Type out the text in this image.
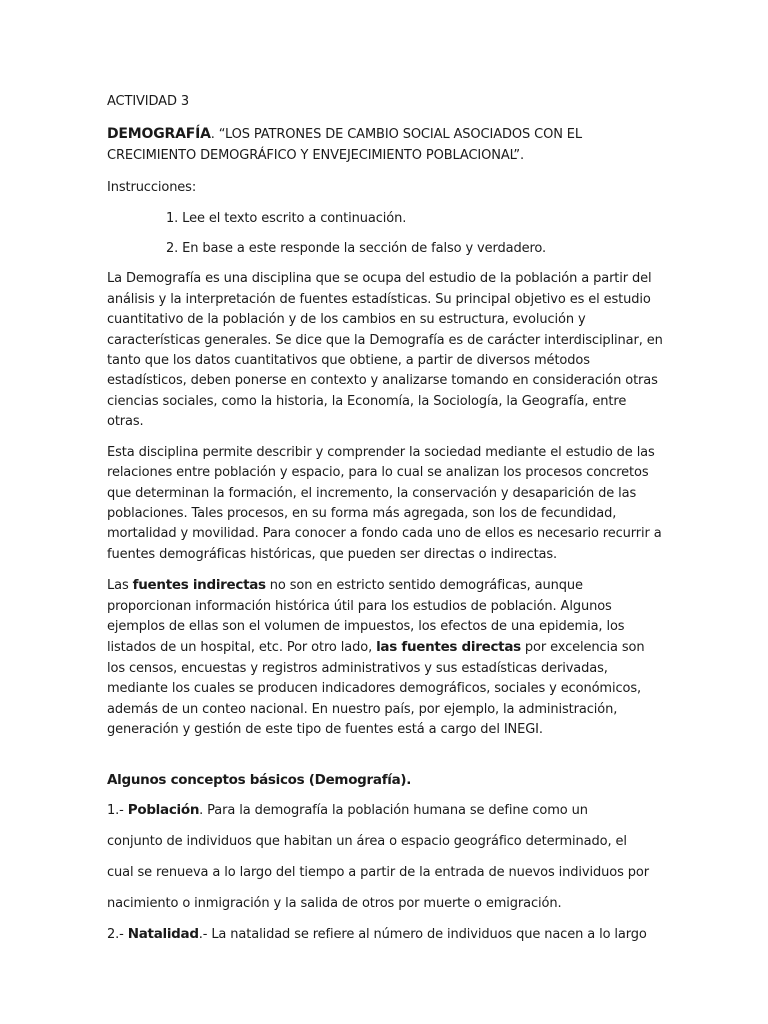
ACTIVIDAD 3

DEMOGRAFÍA. “LOS PATRONES DE CAMBIO SOCIAL ASOCIADOS CON EL CRECIMIENTO DEMOGRÁFICO Y ENVEJECIMIENTO POBLACIONAL”.

Instrucciones:

1. Lee el texto escrito a continuación.
2. En base a este responde la sección de falso y verdadero.

La Demografía es una disciplina que se ocupa del estudio de la población a partir del análisis y la interpretación de fuentes estadísticas. Su principal objetivo es el estudio cuantitativo de la población y de los cambios en su estructura, evolución y características generales. Se dice que la Demografía es de carácter interdisciplinar, en tanto que los datos cuantitativos que obtiene, a partir de diversos métodos estadísticos, deben ponerse en contexto y analizarse tomando en consideración otras ciencias sociales, como la historia, la Economía, la Sociología, la Geografía, entre otras.

Esta disciplina permite describir y comprender la sociedad mediante el estudio de las relaciones entre población y espacio, para lo cual se analizan los procesos concretos que determinan la formación, el incremento, la conservación y desaparición de las poblaciones. Tales procesos, en su forma más agregada, son los de fecundidad, mortalidad y movilidad. Para conocer a fondo cada uno de ellos es necesario recurrir a fuentes demográficas históricas, que pueden ser directas o indirectas.

Las fuentes indirectas no son en estricto sentido demográficas, aunque proporcionan información histórica útil para los estudios de población. Algunos ejemplos de ellas son el volumen de impuestos, los efectos de una epidemia, los listados de un hospital, etc. Por otro lado, las fuentes directas por excelencia son los censos, encuestas y registros administrativos y sus estadísticas derivadas, mediante los cuales se producen indicadores demográficos, sociales y económicos, además de un conteo nacional. En nuestro país, por ejemplo, la administración, generación y gestión de este tipo de fuentes está a cargo del INEGI.

Algunos conceptos básicos (Demografía).

1.- Población. Para la demografía la población humana se define como un
conjunto de individuos que habitan un área o espacio geográfico determinado, el
cual se renueva a lo largo del tiempo a partir de la entrada de nuevos individuos por
nacimiento o inmigración y la salida de otros por muerte o emigración.
2.- Natalidad.- La natalidad se refiere al número de individuos que nacen a lo largo
